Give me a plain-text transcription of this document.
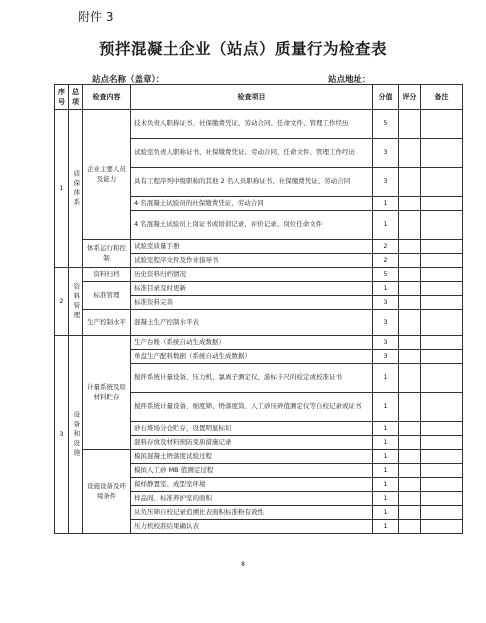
附件 3
预拌混凝土企业（站点）质量行为检查表
站点名称（盖章）：	站点地址：
序号	总项	检查内容	检查项目	分值	评分	备注
1	质保体系	企业主要人员及能力	技术负责人职称证书、社保缴费凭证、劳动合同、任命文件、管理工作经历	5		
			试验室负责人职称证书、社保缴费凭证、劳动合同、任命文件、管理工作经历	3		
			具有工程序列中级职称的其他 2 名人员职称证书、社保缴费凭证、劳动合同	3		
			4 名混凝土试验员的社保缴费凭证、劳动合同	1		
			4 名混凝土试验员上岗证书或培训记录、评价记录、岗位任命文件	1		
		体系运行和控制	试验室质量手册	2		
			试验室程序文件及作业指导书	2		
2	资料管理	资料归档	历史资料归档情况	5		
		标准管理	标准目录及时更新	1		
			标准资料完善	3		
		生产控制水平	混凝土生产控制水平表	3		
3	设备和设施	计量系统及原材料贮存	生产台账（系统自动生成数据）	3		
			单盘生产配料数据（系统自动生成数据）	3		
			搅拌系统计量设备、压力机、氯离子测定仪、游标卡尺的检定或校准证书	1		
			搅拌系统计量设备、细度筛、坍落度筒、人工砂压碎值测定仪等自校记录或证书	1		
			砂石堆场分仓贮存，设置明显标识	1		
			混料存放及材料预防变质措施记录	1		
		设施设备及环境条件	模拟混凝土坍落度试验过程	1		
			模拟人工砂 MB 值测定过程	1		
			留样静置室、成型室环境	1		
			样品间、标准养护室的面积	1		
			从负压筛自校记录追溯比表面积标准粉有效性	1		
			压力机校准结果确认表	1		
8
